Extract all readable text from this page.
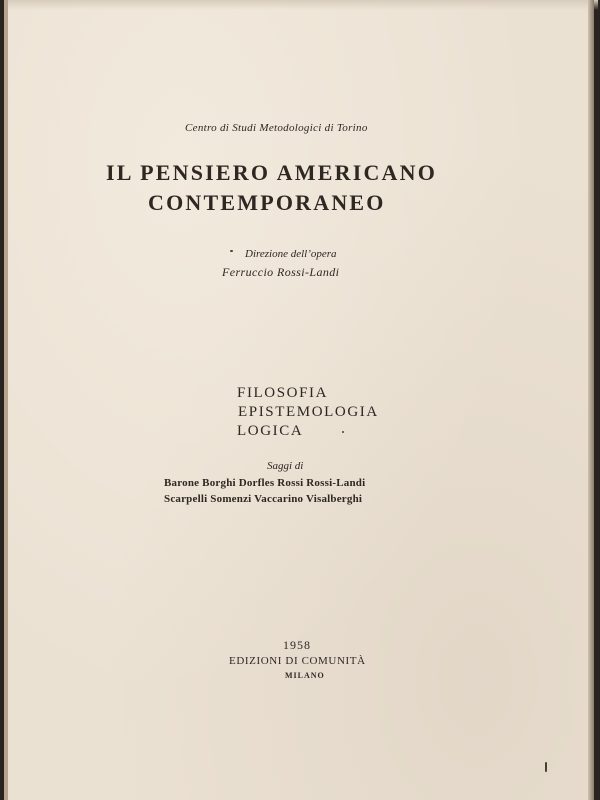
Centro di Studi Metodologici di Torino
IL PENSIERO AMERICANO
CONTEMPORANEO
Direzione dell’opera
Ferruccio Rossi-Landi
FILOSOFIA
EPISTEMOLOGIA
LOGICA
Saggi di
Barone Borghi Dorfles Rossi Rossi-Landi
Scarpelli Somenzi Vaccarino Visalberghi
1958
EDIZIONI DI COMUNITÀ
MILANO
